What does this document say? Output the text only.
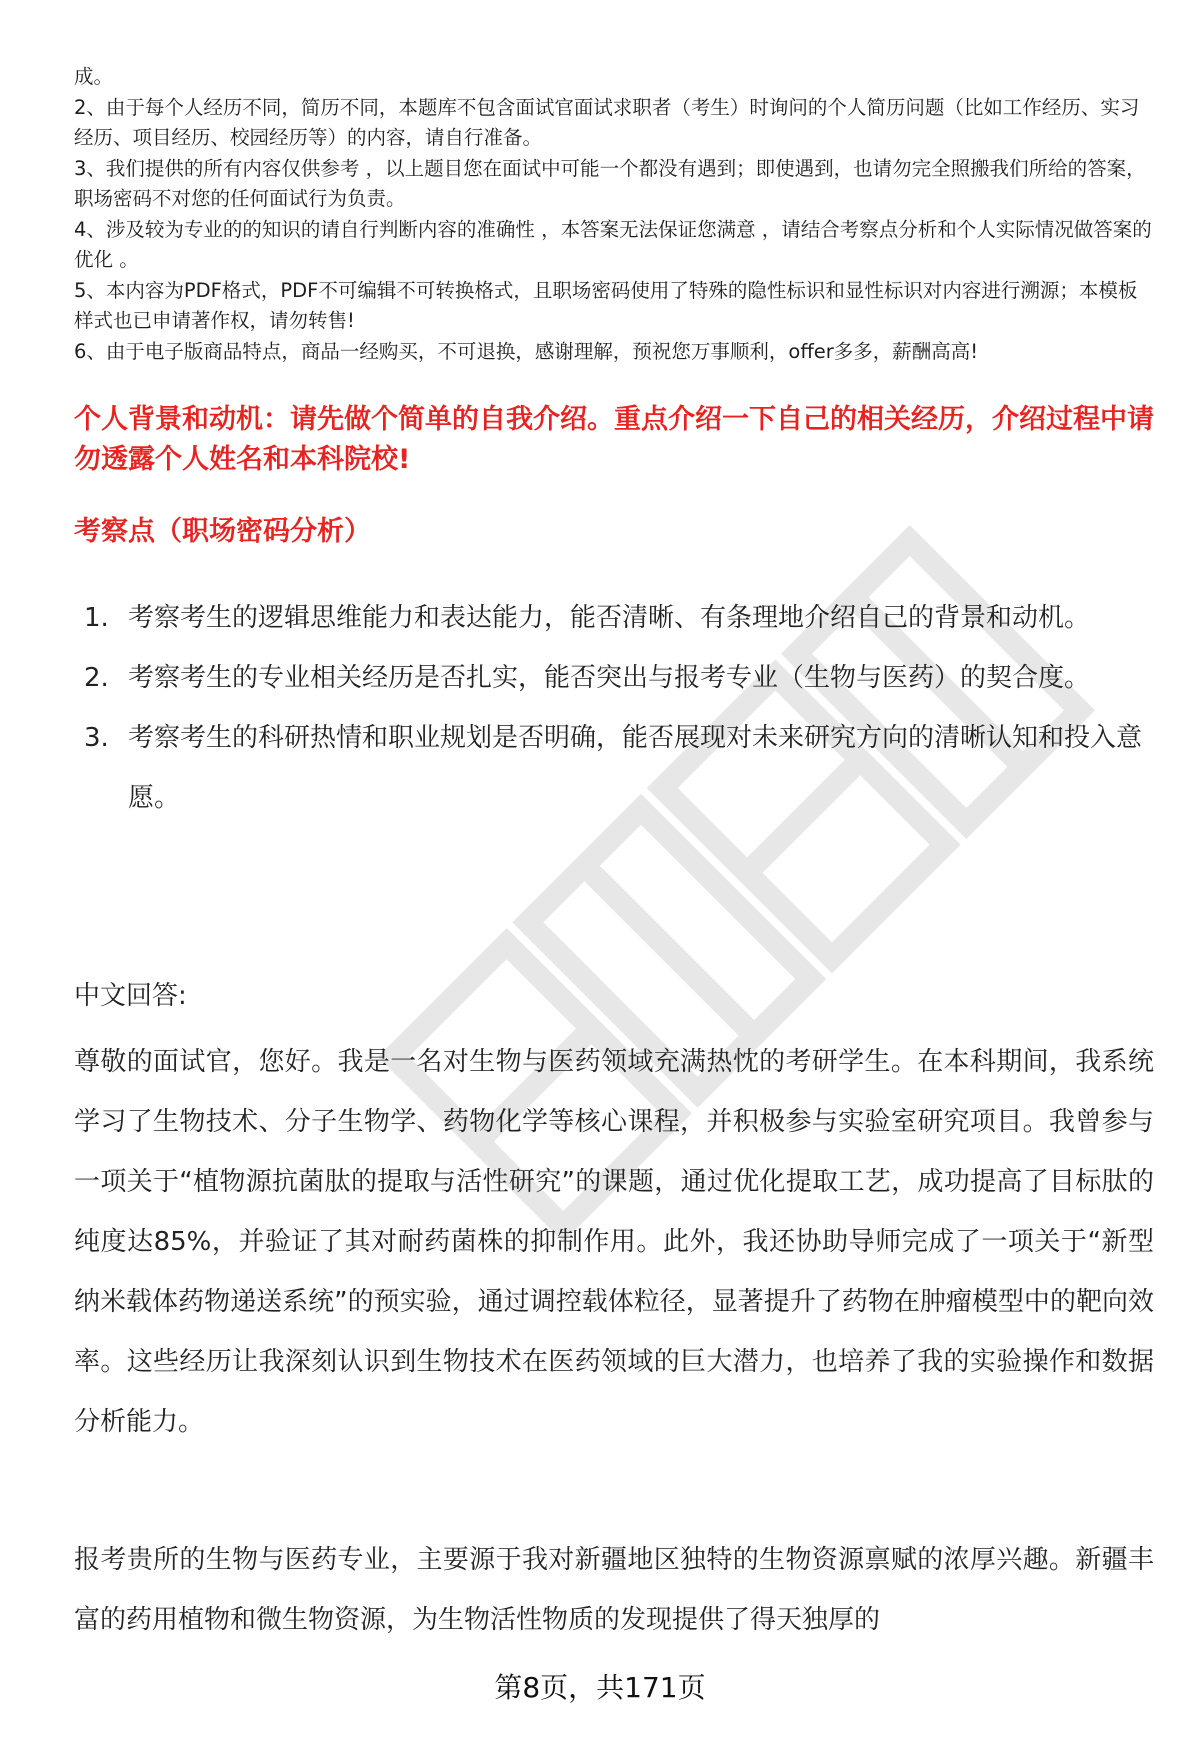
成。

2、由于每个人经历不同，简历不同，本题库不包含面试官面试求职者（考生）时询问的个人简历问题（比如工作经历、实习经历、项目经历、校园经历等）的内容，请自行准备。

3、我们提供的所有内容仅供参考 ，以上题目您在面试中可能一个都没有遇到；即使遇到，也请勿完全照搬我们所给的答案，职场密码不对您的任何面试行为负责。

4、涉及较为专业的的知识的请自行判断内容的准确性 ，本答案无法保证您满意 ，请结合考察点分析和个人实际情况做答案的优化 。

5、本内容为PDF格式，PDF不可编辑不可转换格式，且职场密码使用了特殊的隐性标识和显性标识对内容进行溯源；本模板样式也已申请著作权，请勿转售!

6、由于电子版商品特点，商品一经购买，不可退换，感谢理解，预祝您万事顺利，offer多多，薪酬高高!

个人背景和动机：请先做个简单的自我介绍。重点介绍一下自己的相关经历，介绍过程中请勿透露个人姓名和本科院校!
考察点（职场密码分析）
1. 考察考生的逻辑思维能力和表达能力，能否清晰、有条理地介绍自己的背景和动机。
2. 考察考生的专业相关经历是否扎实，能否突出与报考专业（生物与医药）的契合度。
3. 考察考生的科研热情和职业规划是否明确，能否展现对未来研究方向的清晰认知和投入意愿。

中文回答:

尊敬的面试官，您好。我是一名对生物与医药领域充满热忱的考研学生。在本科期间，我系统学习了生物技术、分子生物学、药物化学等核心课程，并积极参与实验室研究项目。我曾参与一项关于“植物源抗菌肽的提取与活性研究”的课题，通过优化提取工艺，成功提高了目标肽的纯度达85%，并验证了其对耐药菌株的抑制作用。此外，我还协助导师完成了一项关于“新型纳米载体药物递送系统”的预实验，通过调控载体粒径，显著提升了药物在肿瘤模型中的靶向效率。这些经历让我深刻认识到生物技术在医药领域的巨大潜力，也培养了我的实验操作和数据分析能力。

报考贵所的生物与医药专业，主要源于我对新疆地区独特的生物资源禀赋的浓厚兴趣。新疆丰富的药用植物和微生物资源，为生物活性物质的发现提供了得天独厚的

第8页，共171页
